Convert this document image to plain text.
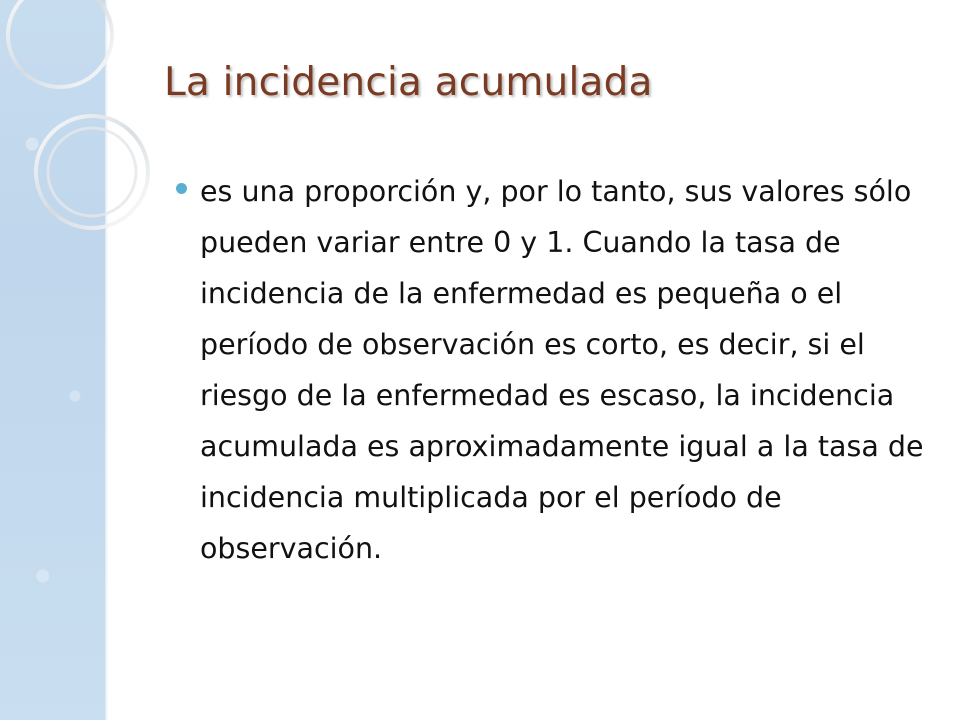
La incidencia acumulada
es una proporción y, por lo tanto, sus valores sólo pueden variar entre 0 y 1. Cuando la tasa de incidencia de la enfermedad es pequeña o el período de observación es corto, es decir, si el riesgo de la enfermedad es escaso, la incidencia acumulada es aproximadamente igual a la tasa de incidencia multiplicada por el período de observación.
